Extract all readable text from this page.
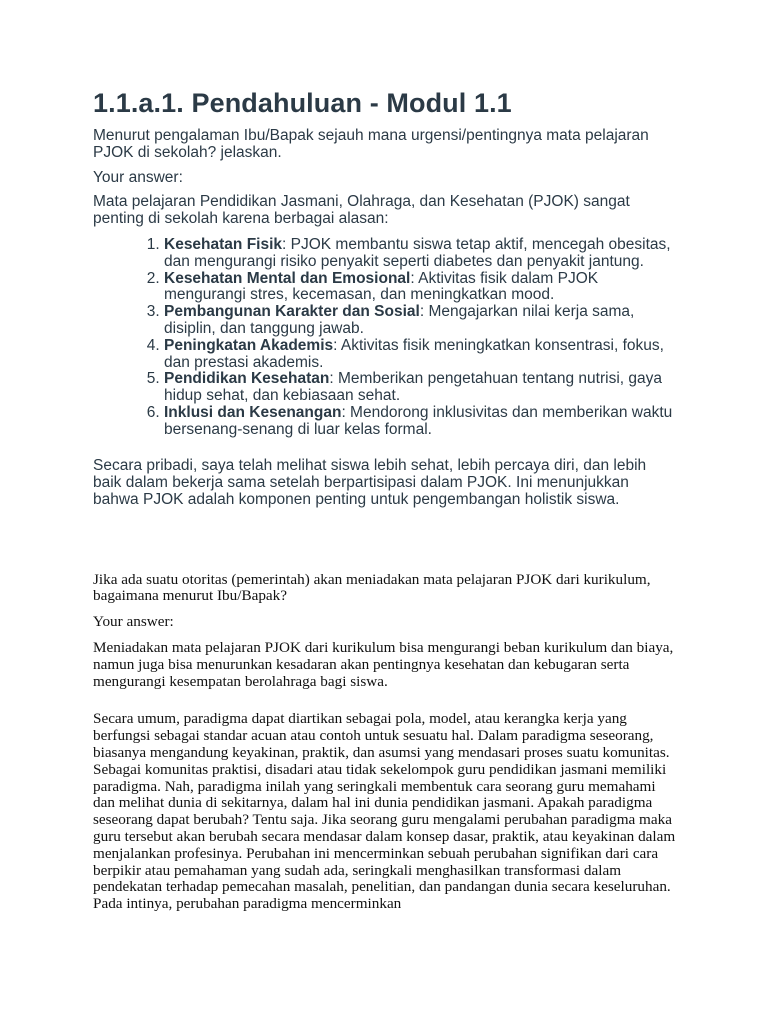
1.1.a.1. Pendahuluan - Modul 1.1

Menurut pengalaman Ibu/Bapak sejauh mana urgensi/pentingnya mata pelajaran PJOK di sekolah? jelaskan.

Your answer:

Mata pelajaran Pendidikan Jasmani, Olahraga, dan Kesehatan (PJOK) sangat penting di sekolah karena berbagai alasan:

1. Kesehatan Fisik: PJOK membantu siswa tetap aktif, mencegah obesitas, dan mengurangi risiko penyakit seperti diabetes dan penyakit jantung.
2. Kesehatan Mental dan Emosional: Aktivitas fisik dalam PJOK mengurangi stres, kecemasan, dan meningkatkan mood.
3. Pembangunan Karakter dan Sosial: Mengajarkan nilai kerja sama, disiplin, dan tanggung jawab.
4. Peningkatan Akademis: Aktivitas fisik meningkatkan konsentrasi, fokus, dan prestasi akademis.
5. Pendidikan Kesehatan: Memberikan pengetahuan tentang nutrisi, gaya hidup sehat, dan kebiasaan sehat.
6. Inklusi dan Kesenangan: Mendorong inklusivitas dan memberikan waktu bersenang-senang di luar kelas formal.

Secara pribadi, saya telah melihat siswa lebih sehat, lebih percaya diri, dan lebih baik dalam bekerja sama setelah berpartisipasi dalam PJOK. Ini menunjukkan bahwa PJOK adalah komponen penting untuk pengembangan holistik siswa.

Jika ada suatu otoritas (pemerintah) akan meniadakan mata pelajaran PJOK dari kurikulum, bagaimana menurut Ibu/Bapak?

Your answer:

Meniadakan mata pelajaran PJOK dari kurikulum bisa mengurangi beban kurikulum dan biaya, namun juga bisa menurunkan kesadaran akan pentingnya kesehatan dan kebugaran serta mengurangi kesempatan berolahraga bagi siswa.

Secara umum, paradigma dapat diartikan sebagai pola, model, atau kerangka kerja yang berfungsi sebagai standar acuan atau contoh untuk sesuatu hal. Dalam paradigma seseorang, biasanya mengandung keyakinan, praktik, dan asumsi yang mendasari proses suatu komunitas. Sebagai komunitas praktisi, disadari atau tidak sekelompok guru pendidikan jasmani memiliki paradigma. Nah, paradigma inilah yang seringkali membentuk cara seorang guru memahami dan melihat dunia di sekitarnya, dalam hal ini dunia pendidikan jasmani. Apakah paradigma seseorang dapat berubah? Tentu saja. Jika seorang guru mengalami perubahan paradigma maka guru tersebut akan berubah secara mendasar dalam konsep dasar, praktik, atau keyakinan dalam menjalankan profesinya. Perubahan ini mencerminkan sebuah perubahan signifikan dari cara berpikir atau pemahaman yang sudah ada, seringkali menghasilkan transformasi dalam pendekatan terhadap pemecahan masalah, penelitian, dan pandangan dunia secara keseluruhan. Pada intinya, perubahan paradigma mencerminkan
